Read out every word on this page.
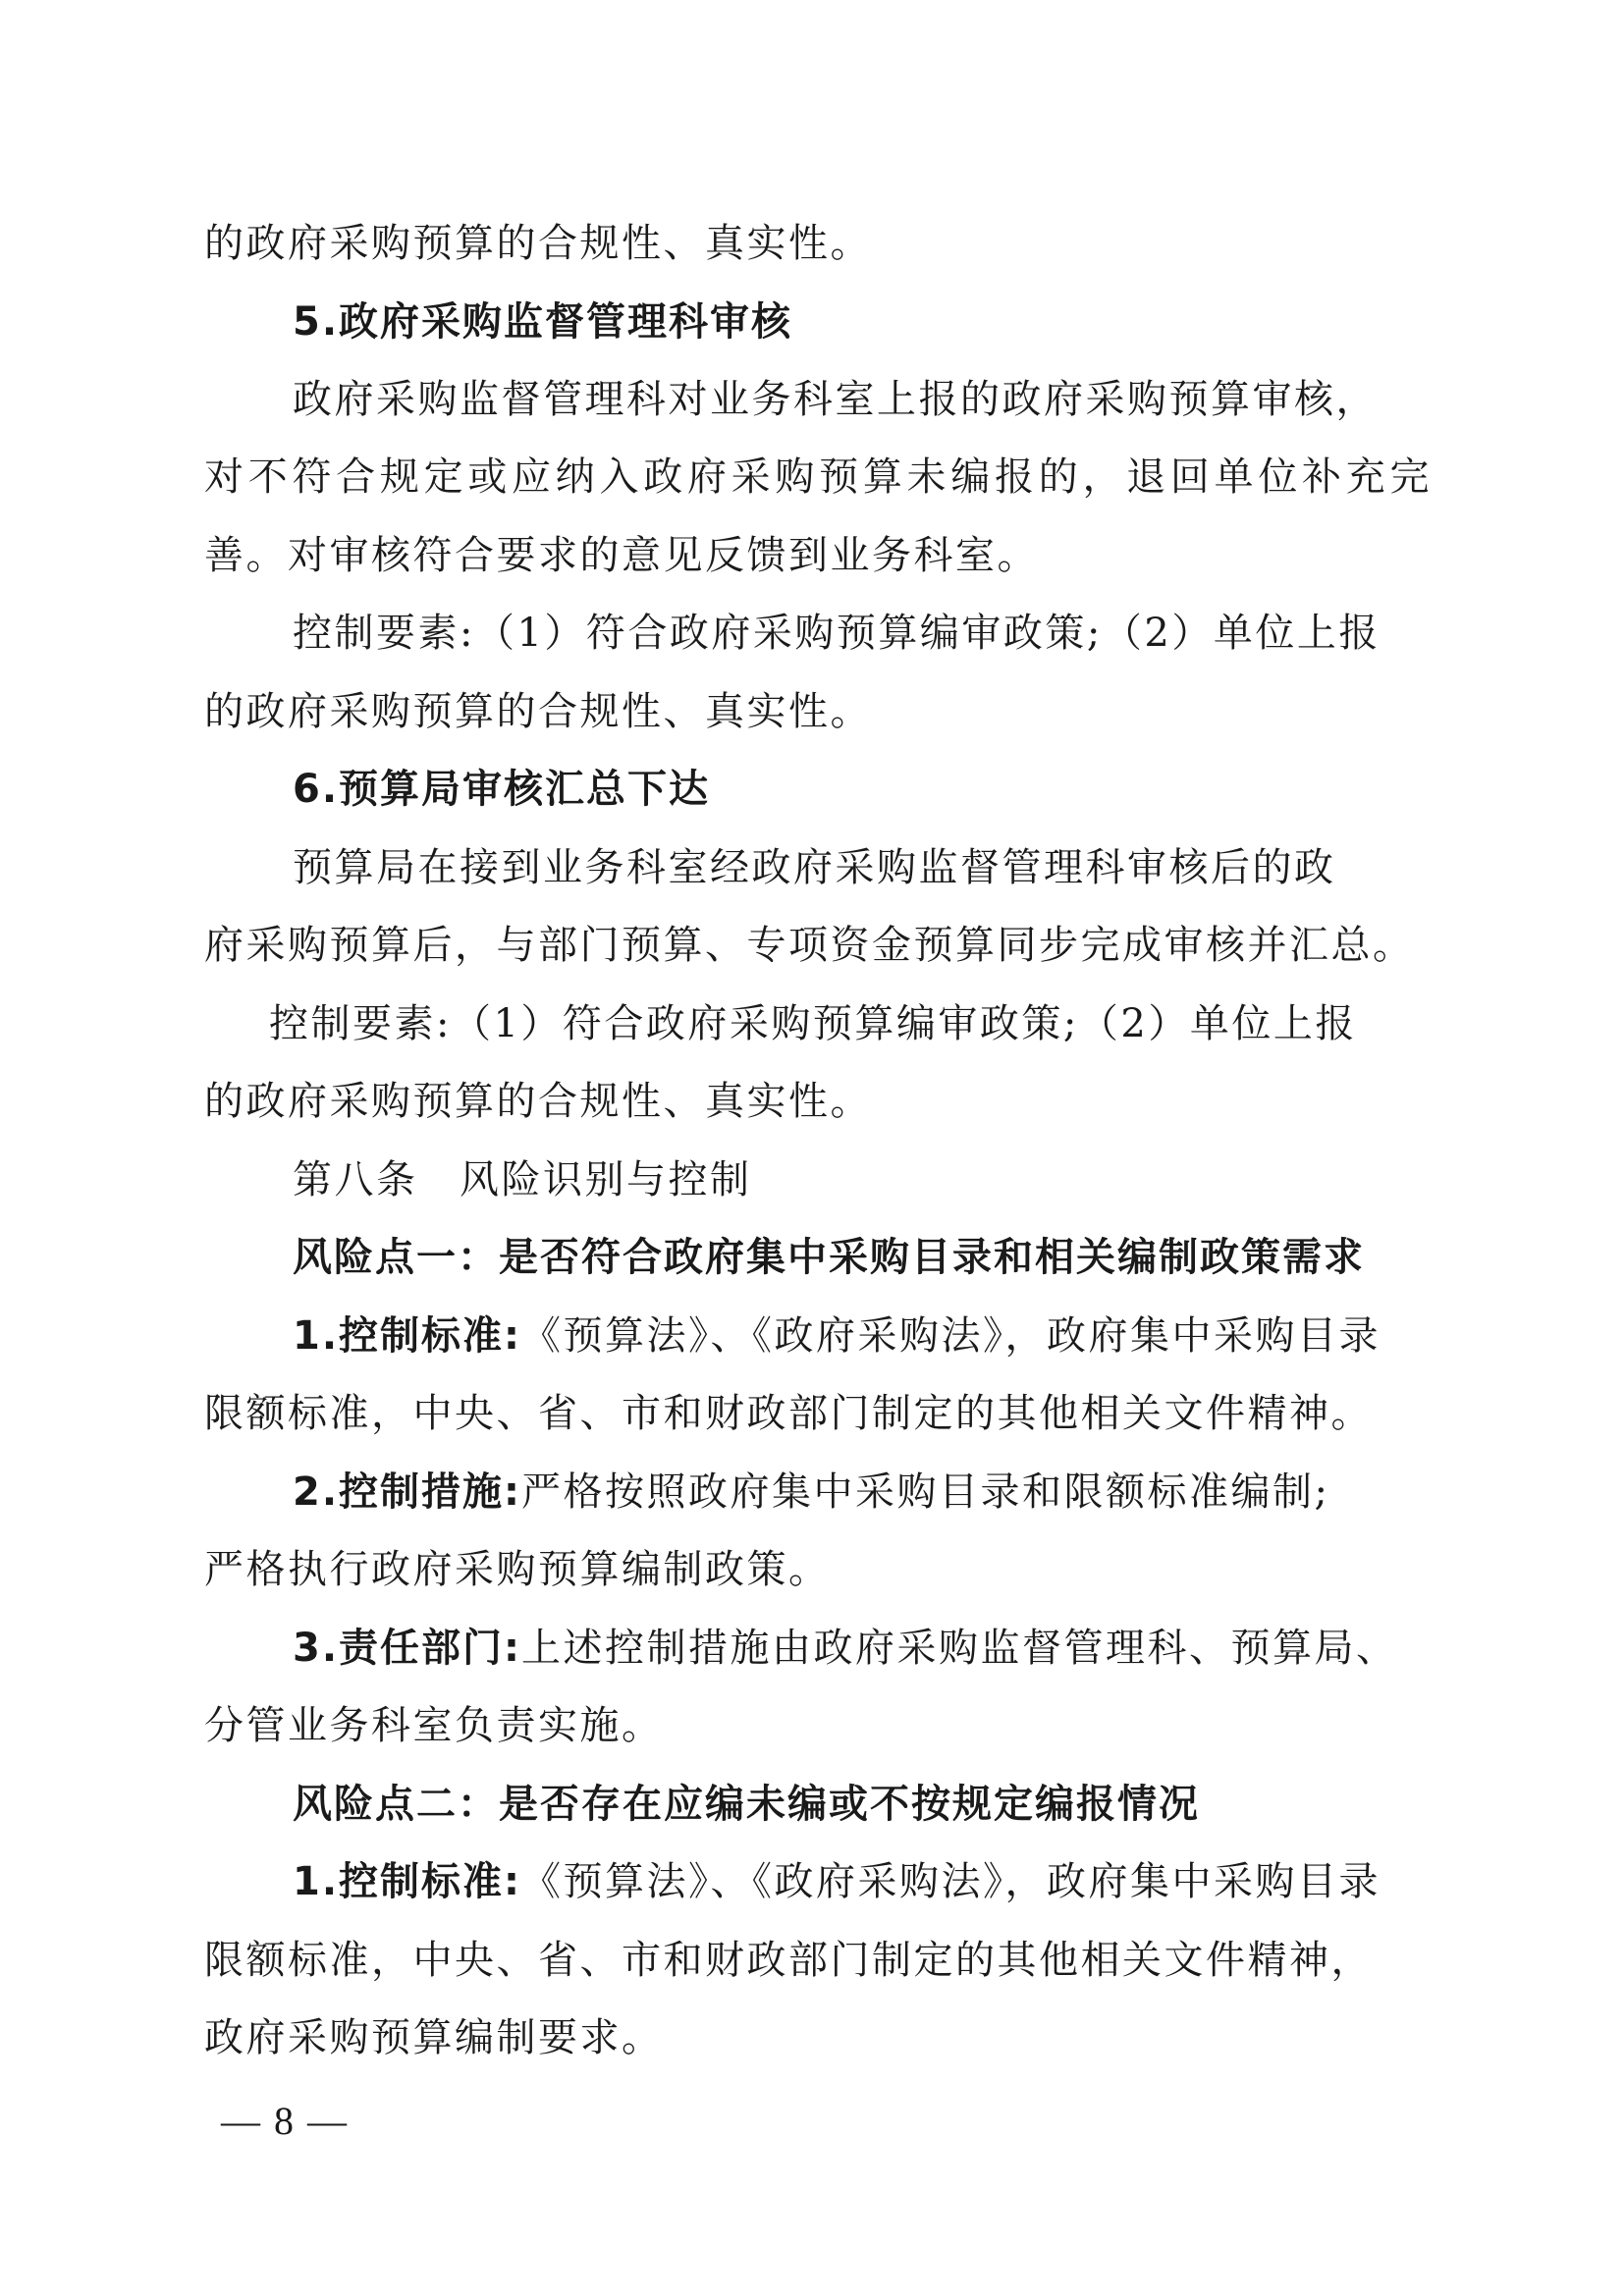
的政府采购预算的合规性、真实性。
5.政府采购监督管理科审核
政府采购监督管理科对业务科室上报的政府采购预算审核，
对不符合规定或应纳入政府采购预算未编报的，退回单位补充完
善。对审核符合要求的意见反馈到业务科室。
控制要素:（1）符合政府采购预算编审政策;（2）单位上报
的政府采购预算的合规性、真实性。
6.预算局审核汇总下达
预算局在接到业务科室经政府采购监督管理科审核后的政
府采购预算后，与部门预算、专项资金预算同步完成审核并汇总。
控制要素:（1）符合政府采购预算编审政策;（2）单位上报
的政府采购预算的合规性、真实性。
第八条　风险识别与控制
风险点一：是否符合政府集中采购目录和相关编制政策需求
1.控制标准:《预算法》、《政府采购法》，政府集中采购目录
限额标准，中央、省、市和财政部门制定的其他相关文件精神。
2.控制措施:严格按照政府集中采购目录和限额标准编制;
严格执行政府采购预算编制政策。
3.责任部门:上述控制措施由政府采购监督管理科、预算局、
分管业务科室负责实施。
风险点二：是否存在应编未编或不按规定编报情况
1.控制标准:《预算法》、《政府采购法》，政府集中采购目录
限额标准，中央、省、市和财政部门制定的其他相关文件精神，
政府采购预算编制要求。
— 8 —
